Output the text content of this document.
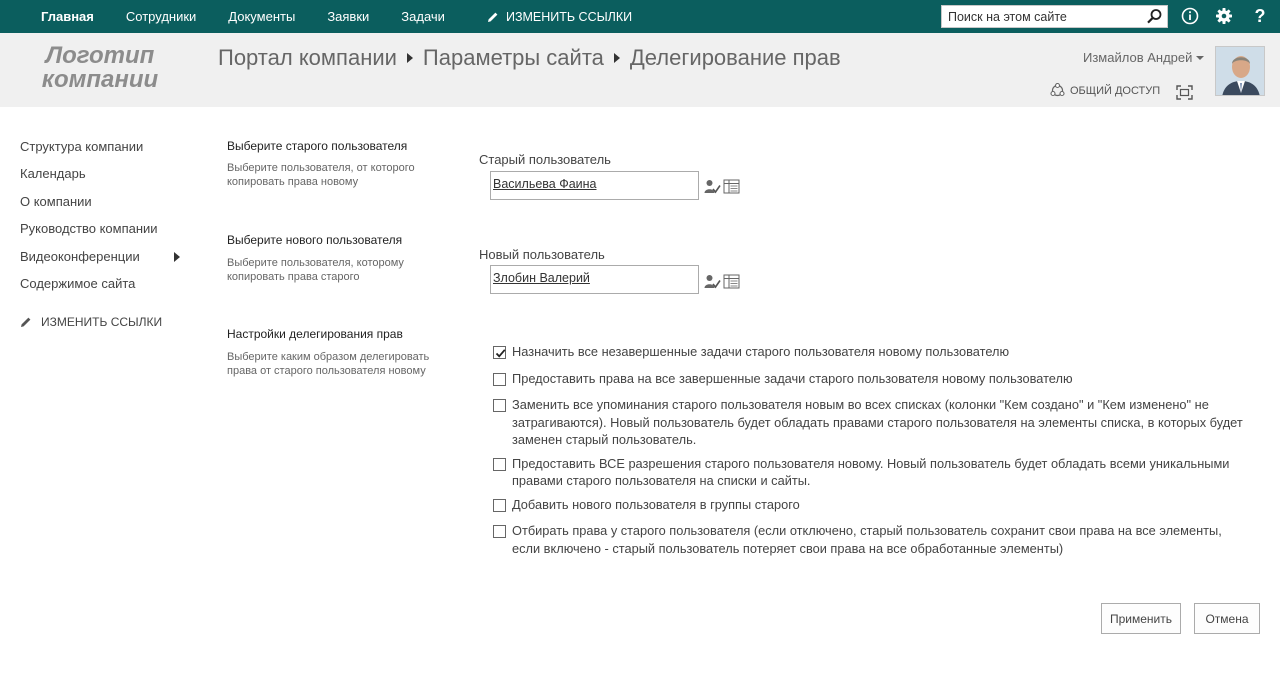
Главная Сотрудники Документы Заявки Задачи	ИЗМЕНИТЬ ССЫЛКИ
Поиск на этом сайте	?
Логотип
компании
Портал компании Параметры сайта Делегирование прав	Измайлов Андрей
ОБЩИЙ ДОСТУП
Структура компании
Календарь
О компании
Руководство компании
Видеоконференции
Содержимое сайта
ИЗМЕНИТЬ ССЫЛКИ
Выберите старого пользователя
Выберите пользователя, от которого копировать права новому
Выберите нового пользователя
Выберите пользователя, которому копировать права старого
Настройки делегирования прав
Выберите каким образом делегировать права от старого пользователя новому
Старый пользователь
Васильева Фаина
Новый пользователь
Злобин Валерий
Назначить все незавершенные задачи старого пользователя новому пользователю
Предоставить права на все завершенные задачи старого пользователя новому пользователю
Заменить все упоминания старого пользователя новым во всех списках (колонки "Кем создано" и "Кем изменено" не затрагиваются). Новый пользователь будет обладать правами старого пользователя на элементы списка, в которых будет заменен старый пользователь.
Предоставить ВСЕ разрешения старого пользователя новому. Новый пользователь будет обладать всеми уникальными правами старого пользователя на списки и сайты.
Добавить нового пользователя в группы старого
Отбирать права у старого пользователя (если отключено, старый пользователь сохранит свои права на все элементы, если включено - старый пользователь потеряет свои права на все обработанные элементы)
Применить	Отмена
